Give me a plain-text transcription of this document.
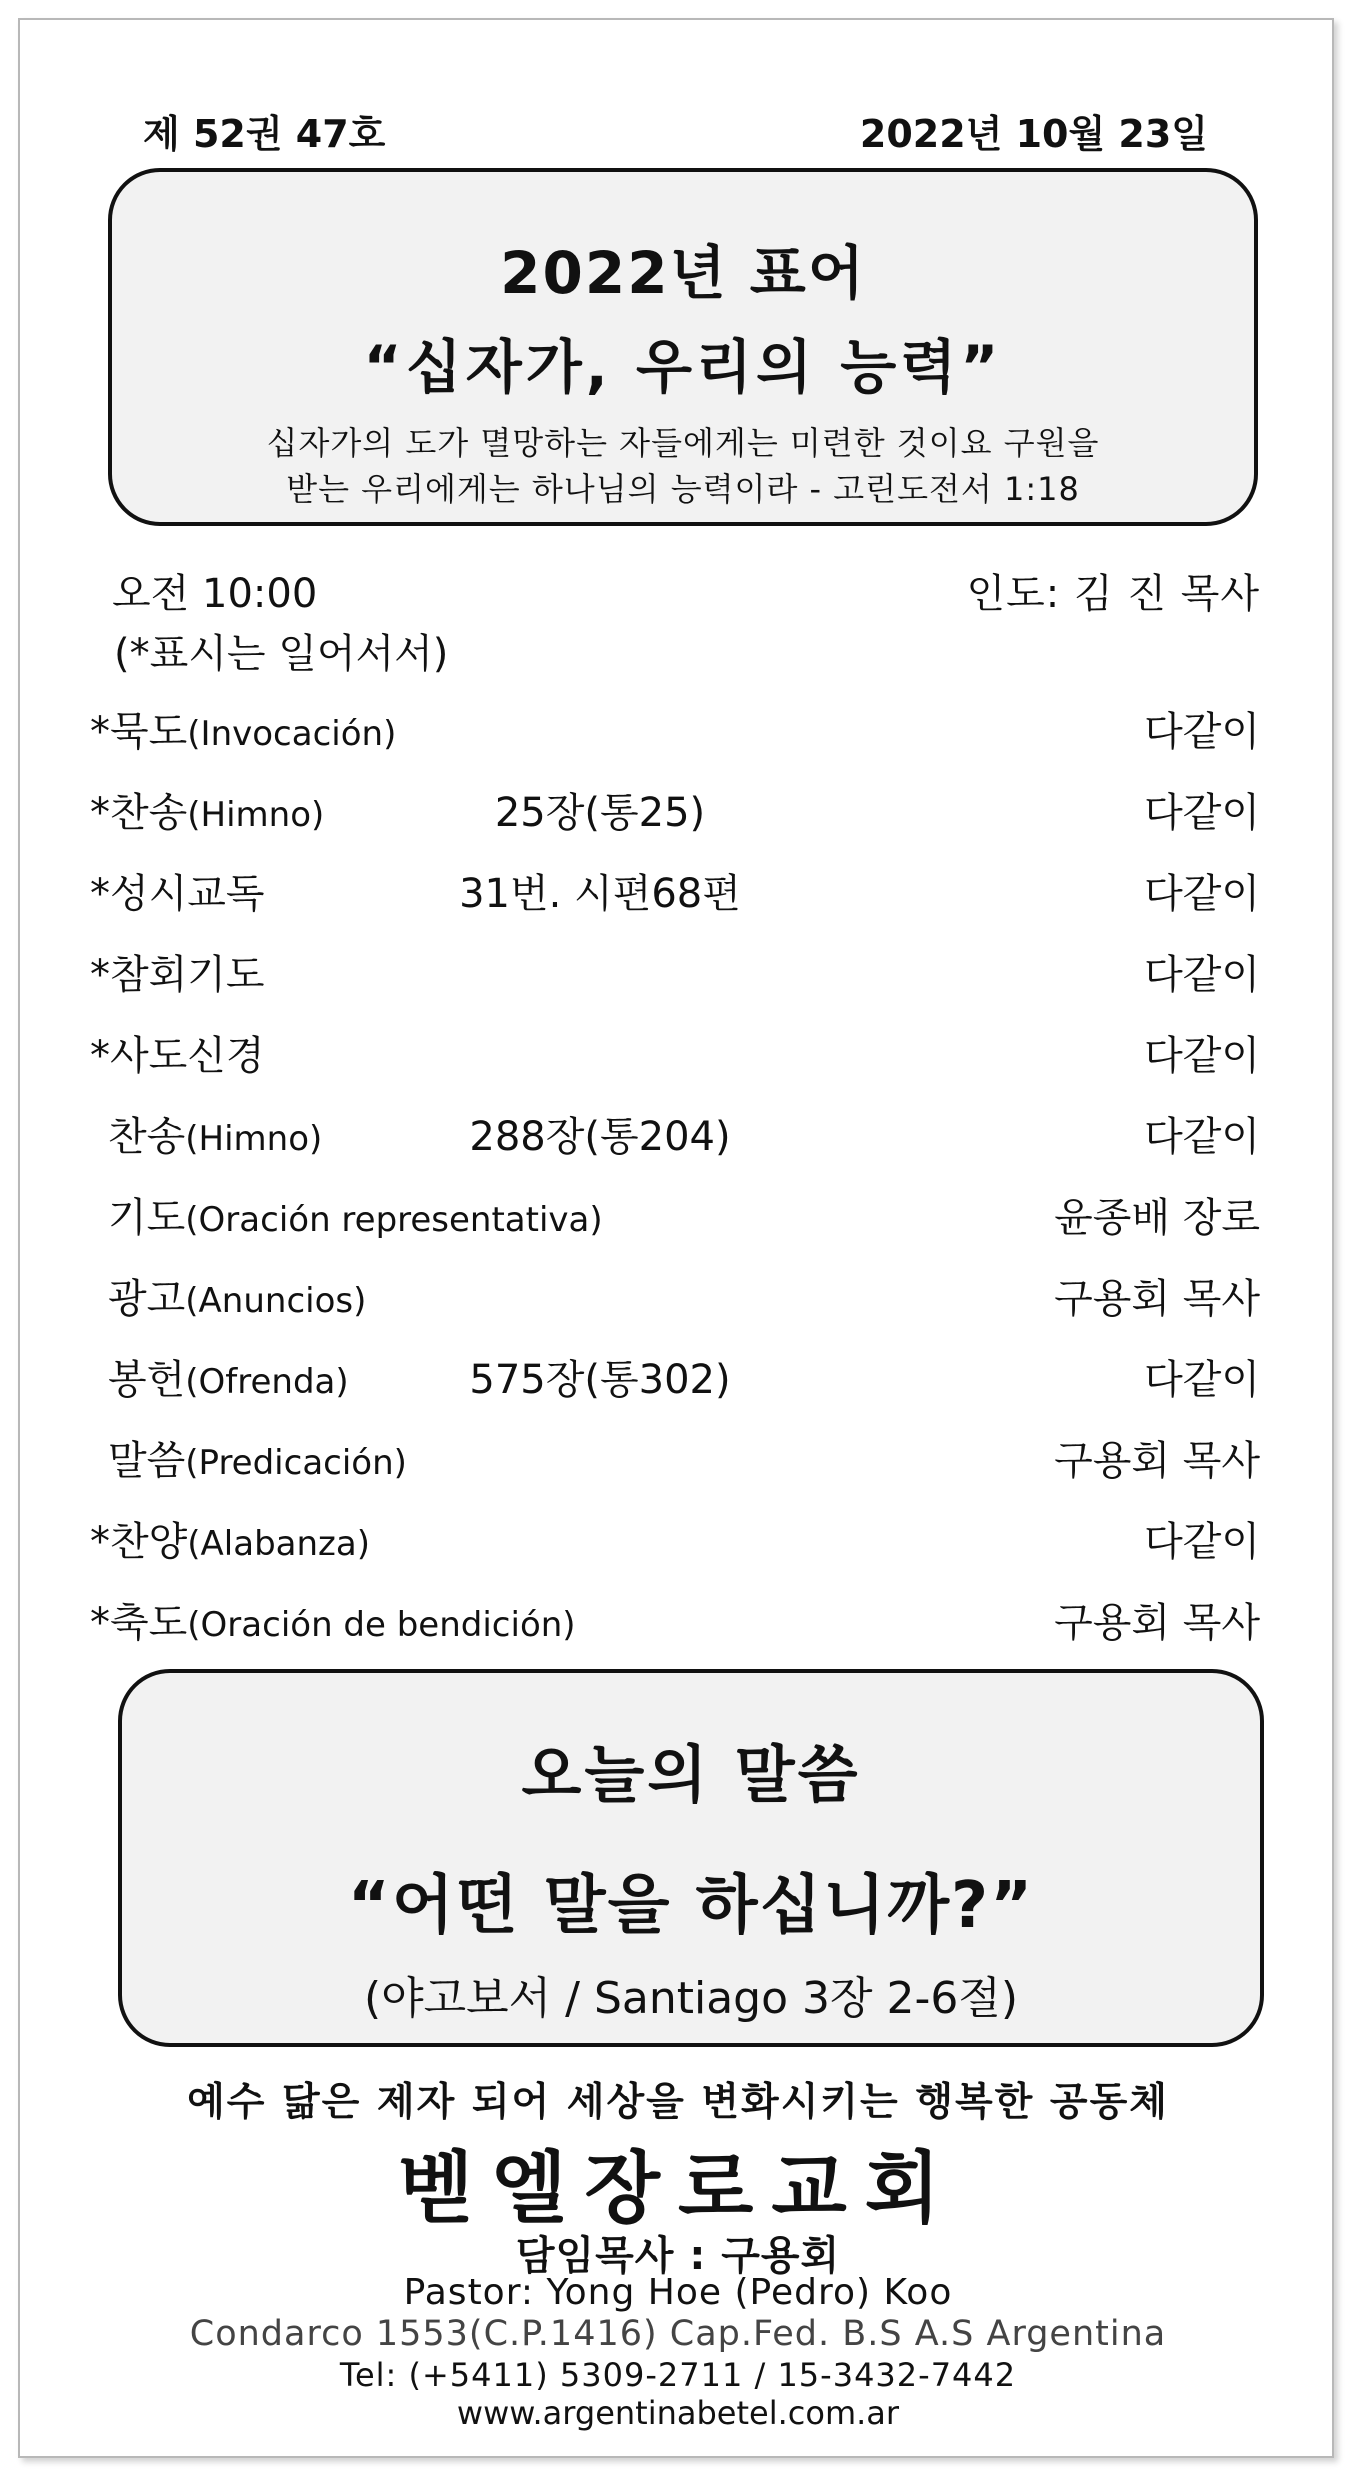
제 52권 47호	2022년 10월 23일
2022년 표어
“십자가, 우리의 능력”
십자가의 도가 멸망하는 자들에게는 미련한 것이요 구원을
받는 우리에게는 하나님의 능력이라 - 고린도전서 1:18
오전 10:00	인도: 김 진 목사
(*표시는 일어서서)
*묵도(Invocación)	다같이
*찬송(Himno)	25장(통25)	다같이
*성시교독	31번. 시편68편	다같이
*참회기도	다같이
*사도신경	다같이
찬송(Himno)	288장(통204)	다같이
기도(Oración representativa)	윤종배 장로
광고(Anuncios)	구용회 목사
봉헌(Ofrenda)	575장(통302)	다같이
말씀(Predicación)	구용회 목사
*찬양(Alabanza)	다같이
*축도(Oración de bendición)	구용회 목사
오늘의 말씀
“어떤 말을 하십니까?”
(야고보서 / Santiago 3장 2-6절)
예수 닮은 제자 되어 세상을 변화시키는 행복한 공동체
벧엘장로교회
담임목사 : 구용회
Pastor: Yong Hoe (Pedro) Koo
Condarco 1553(C.P.1416) Cap.Fed. B.S A.S Argentina
Tel: (+5411) 5309-2711 / 15-3432-7442
www.argentinabetel.com.ar
